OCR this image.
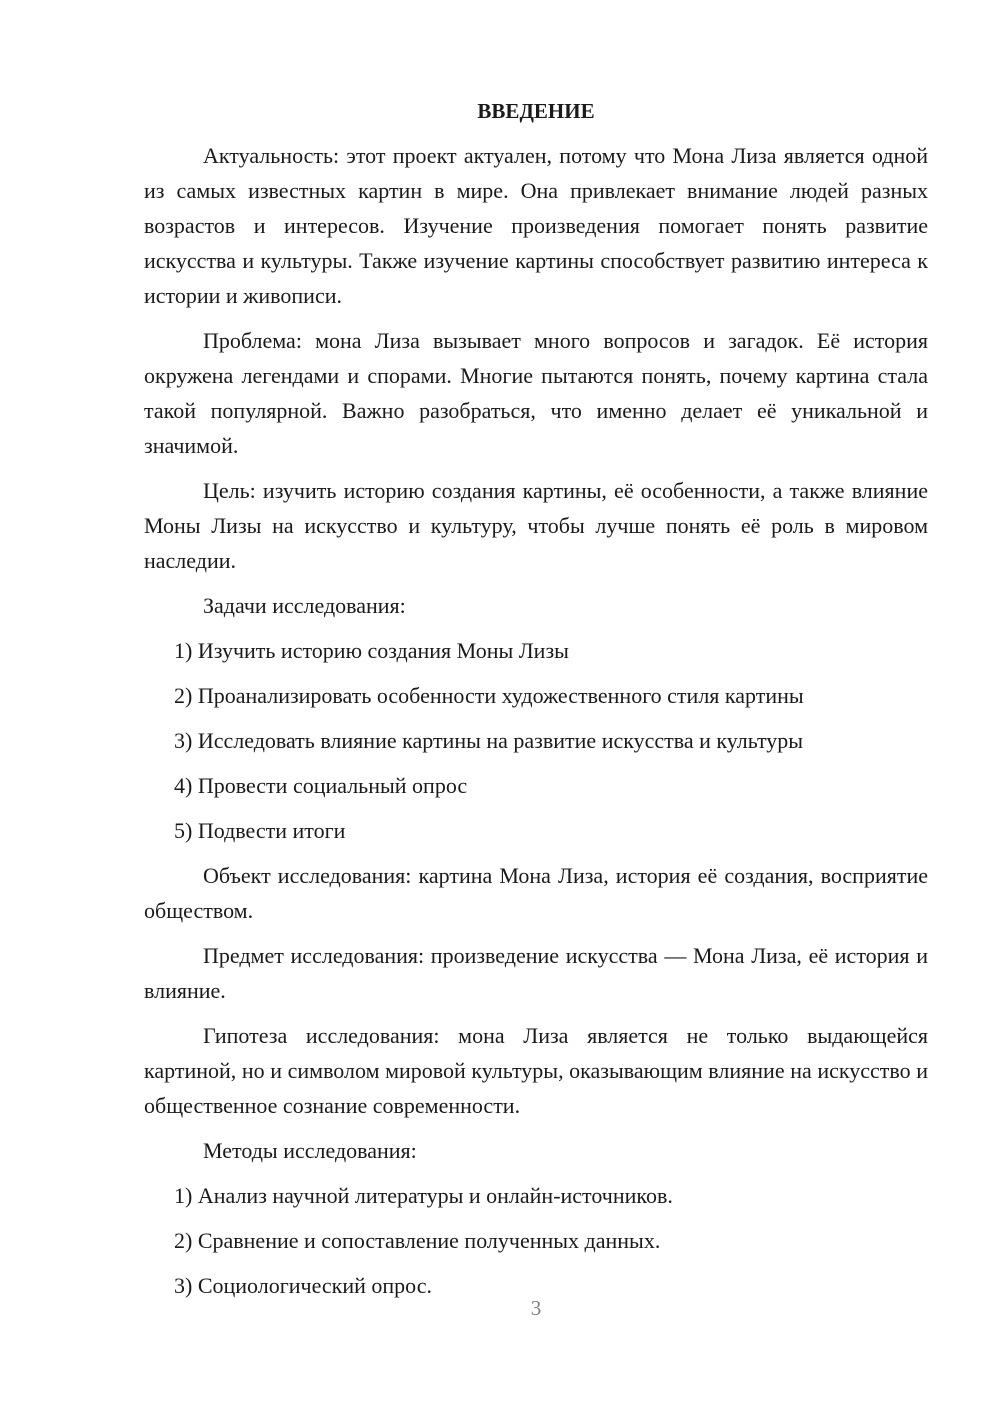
ВВЕДЕНИЕ

Актуальность: этот проект актуален, потому что Мона Лиза является одной из самых известных картин в мире. Она привлекает внимание людей разных возрастов и интересов. Изучение произведения помогает понять развитие искусства и культуры. Также изучение картины способствует развитию интереса к истории и живописи.

Проблема: мона Лиза вызывает много вопросов и загадок. Её история окружена легендами и спорами. Многие пытаются понять, почему картина стала такой популярной. Важно разобраться, что именно делает её уникальной и значимой.

Цель: изучить историю создания картины, её особенности, а также влияние Моны Лизы на искусство и культуру, чтобы лучше понять её роль в мировом наследии.

Задачи исследования:

1) Изучить историю создания Моны Лизы
2) Проанализировать особенности художественного стиля картины
3) Исследовать влияние картины на развитие искусства и культуры
4) Провести социальный опрос
5) Подвести итоги

Объект исследования: картина Мона Лиза, история её создания, восприятие обществом.

Предмет исследования: произведение искусства — Мона Лиза, её история и влияние.

Гипотеза исследования: мона Лиза является не только выдающейся картиной, но и символом мировой культуры, оказывающим влияние на искусство и общественное сознание современности.

Методы исследования:

1) Анализ научной литературы и онлайн-источников.
2) Сравнение и сопоставление полученных данных.
3) Социологический опрос.
3
